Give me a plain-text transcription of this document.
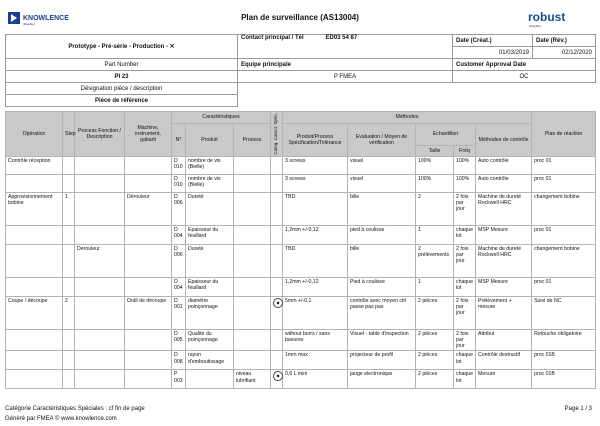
KNOWLENCE
[illegible]
Plan de surveillance (AS13004)	robust
[illegible]
Prototype - Pré-série - Production - ✕	Contact principal / Tél ED03 54 87	Date (Créat.)	Date (Rév.)
		01/03/2019	02/12/2020
Part Number	Equipe principale	Customer Approval Date	
PI 23	P FMEA	OC	
Désignation pièce / description			
Pièce de référence			
Opération	Step	Process Fonction / Description	Machine, instrument, gabarit	Caractéristiques			Categ. Caract. Spéc.	Méthodes					Plan de réaction
				N°	Produit	Process		Produit/Process Spécification/Tolérance	Evaluation / Moyen de vérification	Echantillon		Méthodes de contrôle	
										Taille	Fréq		
Contrôle réception				D 010	nombre de vis (Bielle)			3 screws	visuel	100%	100%	Auto contrôle	proc 01
				D 010	nombre de vis (Bielle)			3 screws	visuel	100%	100%	Auto contrôle	proc 01
Approvisionnement bobine	1		Dérouleur	D 006	Dureté			TBD	bille	2	2 fois par jour	Machine de dureté Rockwell HRC	changement bobine
				D 004	Epaisseur du feuillard			1,2mm +/-0,12	pied à coulisse	1	chaque lot	MSP Mesure	proc 01
		Derouleur		D 006	Dureté			TBD	bille	2 prélèvements	2 fois par jour	Machine de dureté Rockwell HRC	changement bobine
				D 004	Epaisseur du feuillard			1,2mm +/-0,12	Pied à coulisse	1	chaque lot	MSP Mesure	proc 01
Coupe / découpe	2		Outil de découpe	D 001	diamètre poinçonnage		◆	5mm +/-0,1	contrôle avec moyen ctrl passe pas pas	2 pièces	2 fois par jour	Prélèvement + mesure	Suivi de NC
				D 005	Qualité du poinçonnage			without burrs / sans bavures	Visuel - table d'inspection	2 pièces	2 fois par jour	Attribut	Retouche obligatoire
				D 008	rayon d'emboutissage			1mm max	projecteur de profil	2 pièces	chaque lot	Contrôle destructif	proc 01B
				P 003		niveau lubrifiant	◆	0,6 L mini	jauge electronique	2 pièces	chaque lot	Mesure	proc 01B
Catégorie Caractéristiques Spéciales : cf fin de page
Généré par FMEA © www.knowlence.com
Page 1 / 3
